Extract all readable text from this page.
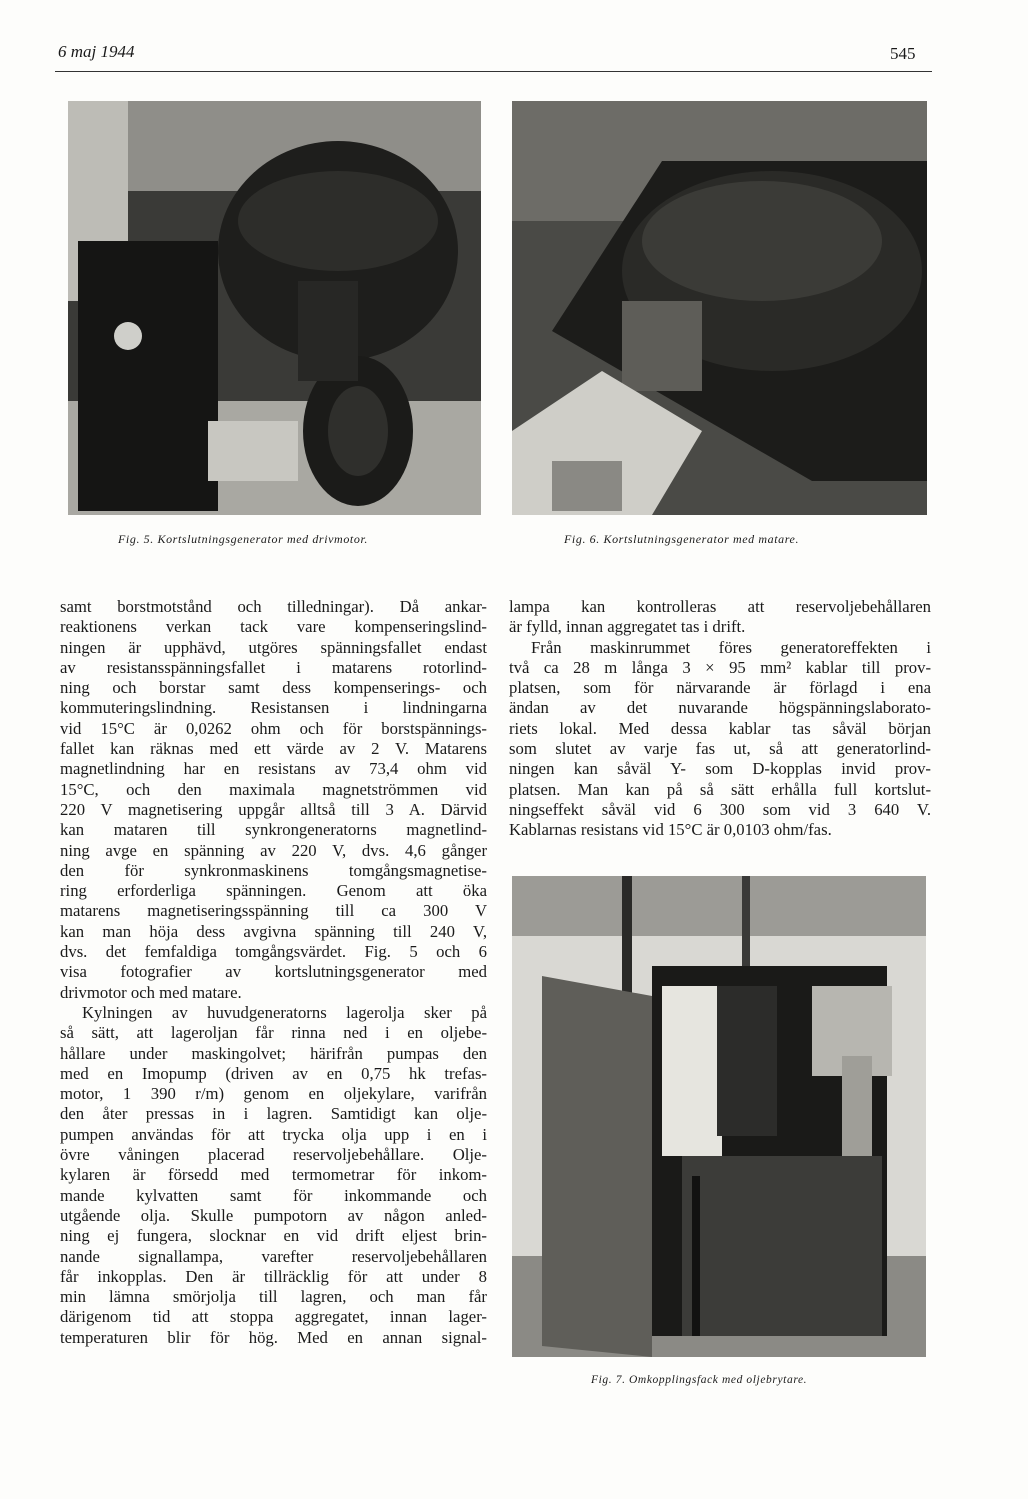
6 maj 1944	545
Fig. 5. Kortslutningsgenerator med drivmotor.	Fig. 6. Kortslutningsgenerator med matare.
samt borstmotstånd och tilledningar). Då ankar-
reaktionens verkan tack vare kompenseringslind-
ningen är upphävd, utgöres spänningsfallet endast
av resistansspänningsfallet i matarens rotorlind-
ning och borstar samt dess kompenserings- och
kommuteringslindning. Resistansen i lindningarna
vid 15°C är 0,0262 ohm och för borstspännings-
fallet kan räknas med ett värde av 2 V. Matarens
magnetlindning har en resistans av 73,4 ohm vid
15°C, och den maximala magnetströmmen vid
220 V magnetisering uppgår alltså till 3 A. Därvid
kan mataren till synkrongeneratorns magnetlind-
ning avge en spänning av 220 V, dvs. 4,6 gånger
den för synkronmaskinens tomgångsmagnetise-
ring erforderliga spänningen. Genom att öka
matarens magnetiseringsspänning till ca 300 V
kan man höja dess avgivna spänning till 240 V,
dvs. det femfaldiga tomgångsvärdet. Fig. 5 och 6
visa fotografier av kortslutningsgenerator med
drivmotor och med matare.
Kylningen av huvudgeneratorns lagerolja sker på
så sätt, att lageroljan får rinna ned i en oljebe-
hållare under maskingolvet; härifrån pumpas den
med en Imopump (driven av en 0,75 hk trefas-
motor, 1 390 r/m) genom en oljekylare, varifrån
den åter pressas in i lagren. Samtidigt kan olje-
pumpen användas för att trycka olja upp i en i
övre våningen placerad reservoljebehållare. Olje-
kylaren är försedd med termometrar för inkom-
mande kylvatten samt för inkommande och
utgående olja. Skulle pumpotorn av någon anled-
ning ej fungera, slocknar en vid drift eljest brin-
nande signallampa, varefter reservoljebehållaren
får inkopplas. Den är tillräcklig för att under 8
min lämna smörjolja till lagren, och man får
därigenom tid att stoppa aggregatet, innan lager-
temperaturen blir för hög. Med en annan signal-
lampa kan kontrolleras att reservoljebehållaren
är fylld, innan aggregatet tas i drift.
Från maskinrummet föres generatoreffekten i
två ca 28 m långa 3 × 95 mm² kablar till prov-
platsen, som för närvarande är förlagd i ena
ändan av det nuvarande högspänningslaborato-
riets lokal. Med dessa kablar tas såväl början
som slutet av varje fas ut, så att generatorlind-
ningen kan såväl Y- som D-kopplas invid prov-
platsen. Man kan på så sätt erhålla full kortslut-
ningseffekt såväl vid 6 300 som vid 3 640 V.
Kablarnas resistans vid 15°C är 0,0103 ohm/fas.
Fig. 7. Omkopplingsfack med oljebrytare.
